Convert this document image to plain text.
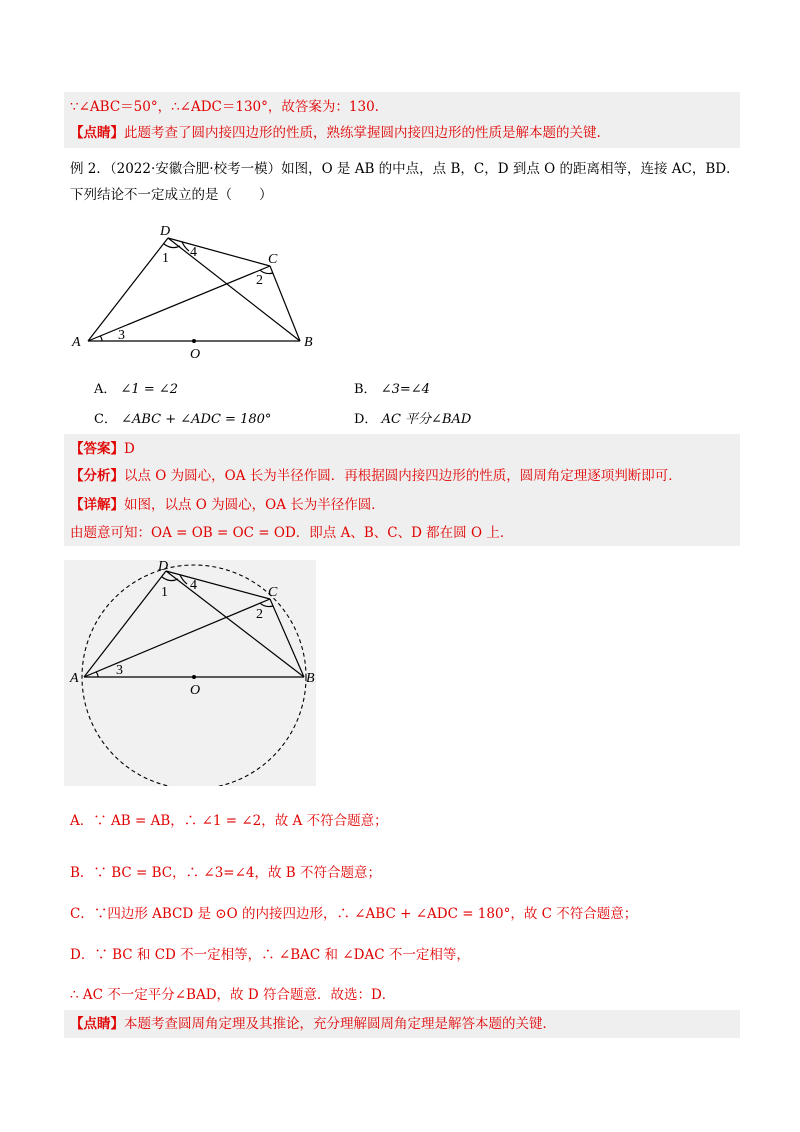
∵∠ABC＝50°，∴∠ADC＝130°，故答案为：130.
【点睛】此题考查了圆内接四边形的性质，熟练掌握圆内接四边形的性质是解本题的关键.
例 2．（2022·安徽合肥·校考一模）如图，O 是 AB 的中点，点 B，C，D 到点 O 的距离相等，连接 AC，BD．
下列结论不一定成立的是（　　）
D
C
A	B
O
1
2
3
4
A． ∠1 = ∠2	B． ∠3=∠4
C． ∠ABC + ∠ADC = 180°	D． AC 平分∠BAD
【答案】D
【分析】以点 O 为圆心，OA 长为半径作圆．再根据圆内接四边形的性质，圆周角定理逐项判断即可．
【详解】如图，以点 O 为圆心，OA 长为半径作圆．
由题意可知：OA = OB = OC = OD．即点 A、B、C、D 都在圆 O 上．
D
C
A	B
O
1
2
3
4
A．∵ AB = AB，∴ ∠1 = ∠2，故 A 不符合题意；
B．∵ BC = BC，∴ ∠3=∠4，故 B 不符合题意；
C．∵四边形 ABCD 是 ⊙O 的内接四边形，∴ ∠ABC + ∠ADC = 180°，故 C 不符合题意；
D．∵ BC 和 CD 不一定相等，∴ ∠BAC 和 ∠DAC 不一定相等，
∴ AC 不一定平分∠BAD，故 D 符合题意．故选：D．
【点睛】本题考查圆周角定理及其推论，充分理解圆周角定理是解答本题的关键．
